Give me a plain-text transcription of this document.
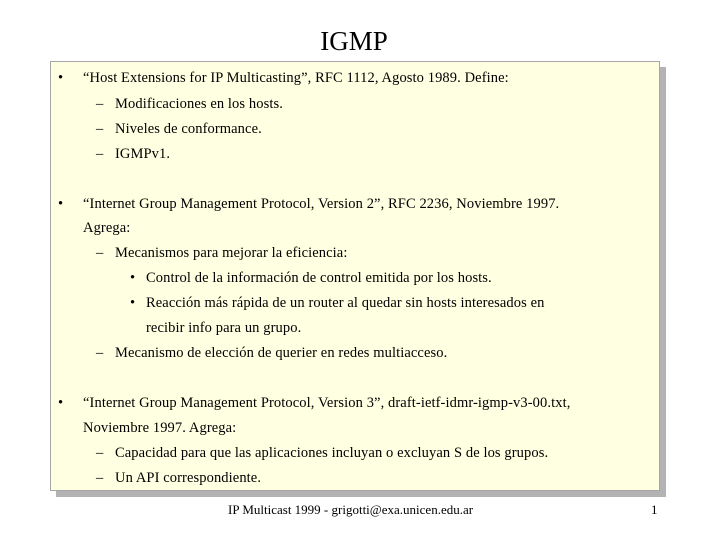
IGMP
• “Host Extensions for IP Multicasting”, RFC 1112, Agosto 1989. Define:
– Modificaciones en los hosts.
– Niveles de conformance.
– IGMPv1.
• “Internet Group Management Protocol, Version 2”, RFC 2236, Noviembre 1997.
Agrega:
– Mecanismos para mejorar la eficiencia:
• Control de la información de control emitida por los hosts.
• Reacción más rápida de un router al quedar sin hosts interesados en
recibir info para un grupo.
– Mecanismo de elección de querier en redes multiacceso.
• “Internet Group Management Protocol, Version 3”, draft-ietf-idmr-igmp-v3-00.txt,
Noviembre 1997. Agrega:
– Capacidad para que las aplicaciones incluyan o excluyan S de los grupos.
– Un API correspondiente.
IP Multicast 1999 - grigotti@exa.unicen.edu.ar	1
